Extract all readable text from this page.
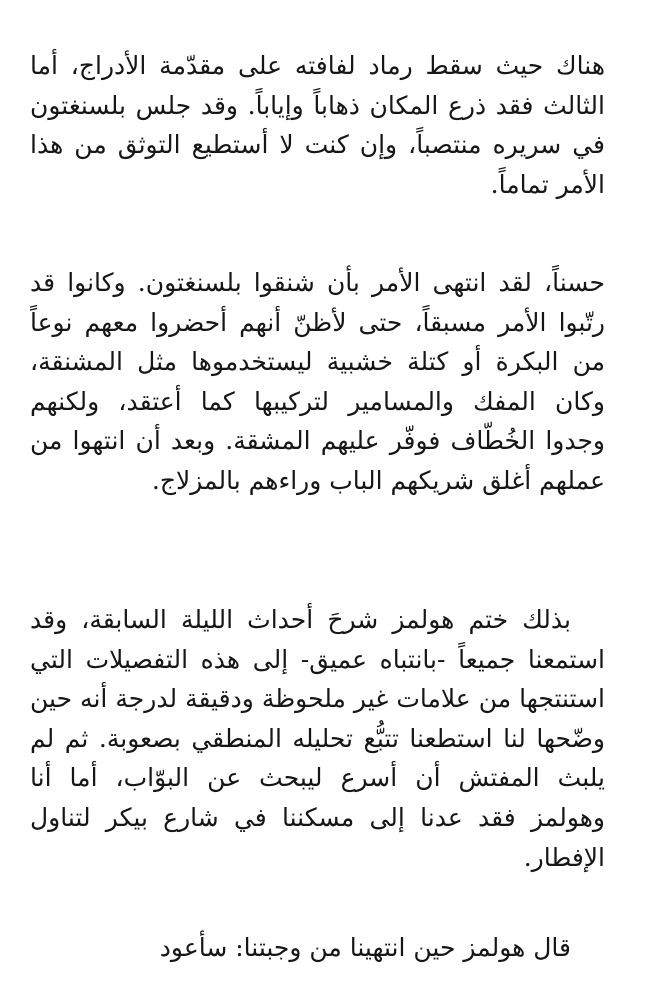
هناك حيث سقط رماد لفافته على مقدّمة الأدراج، أما الثالث فقد ذرع المكان ذهاباً وإياباً. وقد جلس بلسنغتون في سريره منتصباً، وإن كنت لا أستطيع التوثق من هذا الأمر تماماً.

حسناً، لقد انتهى الأمر بأن شنقوا بلسنغتون. وكانوا قد رتّبوا الأمر مسبقاً، حتى لأظنّ أنهم أحضروا معهم نوعاً من البكرة أو كتلة خشبية ليستخدموها مثل المشنقة، وكان المفك والمسامير لتركيبها كما أعتقد، ولكنهم وجدوا الخُطّاف فوفّر عليهم المشقة. وبعد أن انتهوا من عملهم أغلق شريكهم الباب وراءهم بالمزلاج.

بذلك ختم هولمز شرحَ أحداث الليلة السابقة، وقد استمعنا جميعاً -بانتباه عميق- إلى هذه التفصيلات التي استنتجها من علامات غير ملحوظة ودقيقة لدرجة أنه حين وضّحها لنا استطعنا تتبُّع تحليله المنطقي بصعوبة. ثم لم يلبث المفتش أن أسرع ليبحث عن البوّاب، أما أنا وهولمز فقد عدنا إلى مسكننا في شارع بيكر لتناول الإفطار.

قال هولمز حين انتهينا من وجبتنا: سأعود
